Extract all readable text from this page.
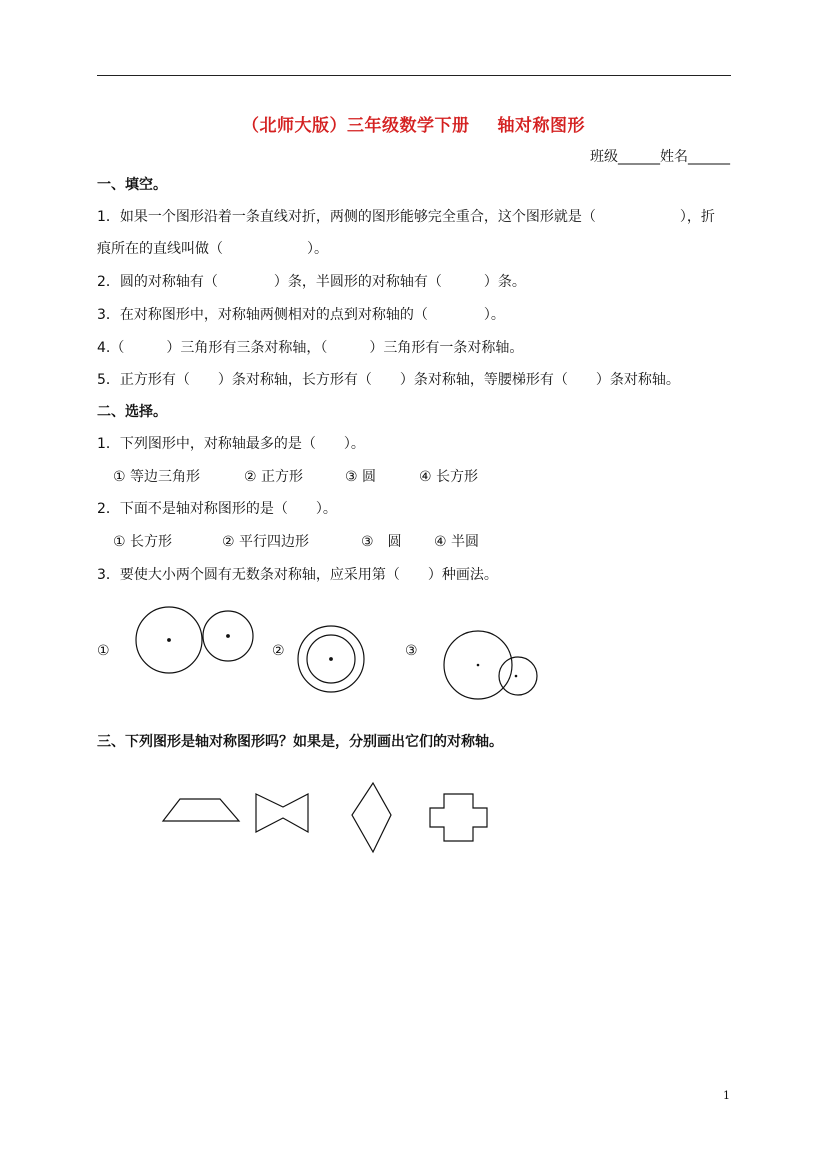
（北师大版）三年级数学下册 轴对称图形
班级______姓名______
一、填空。
1．如果一个图形沿着一条直线对折，两侧的图形能够完全重合，这个图形就是（　　　　　　），折
痕所在的直线叫做（　　　　　　）。
2．圆的对称轴有（　　　　）条，半圆形的对称轴有（　　　）条。
3．在对称图形中，对称轴两侧相对的点到对称轴的（　　　　）。
4.（　　　）三角形有三条对称轴，（　　　）三角形有一条对称轴。
5．正方形有（　　）条对称轴，长方形有（　　）条对称轴，等腰梯形有（　　）条对称轴。
二、选择。
1．下列图形中，对称轴最多的是（　　）。
① 等边三角形	② 正方形	③ 圆	④ 长方形
2．下面不是轴对称图形的是（　　）。
① 长方形	② 平行四边形	③　圆 ④ 半圆
3．要使大小两个圆有无数条对称轴，应采用第（　　）种画法。
①	②	③
三、下列图形是轴对称图形吗？如果是，分别画出它们的对称轴。
1
